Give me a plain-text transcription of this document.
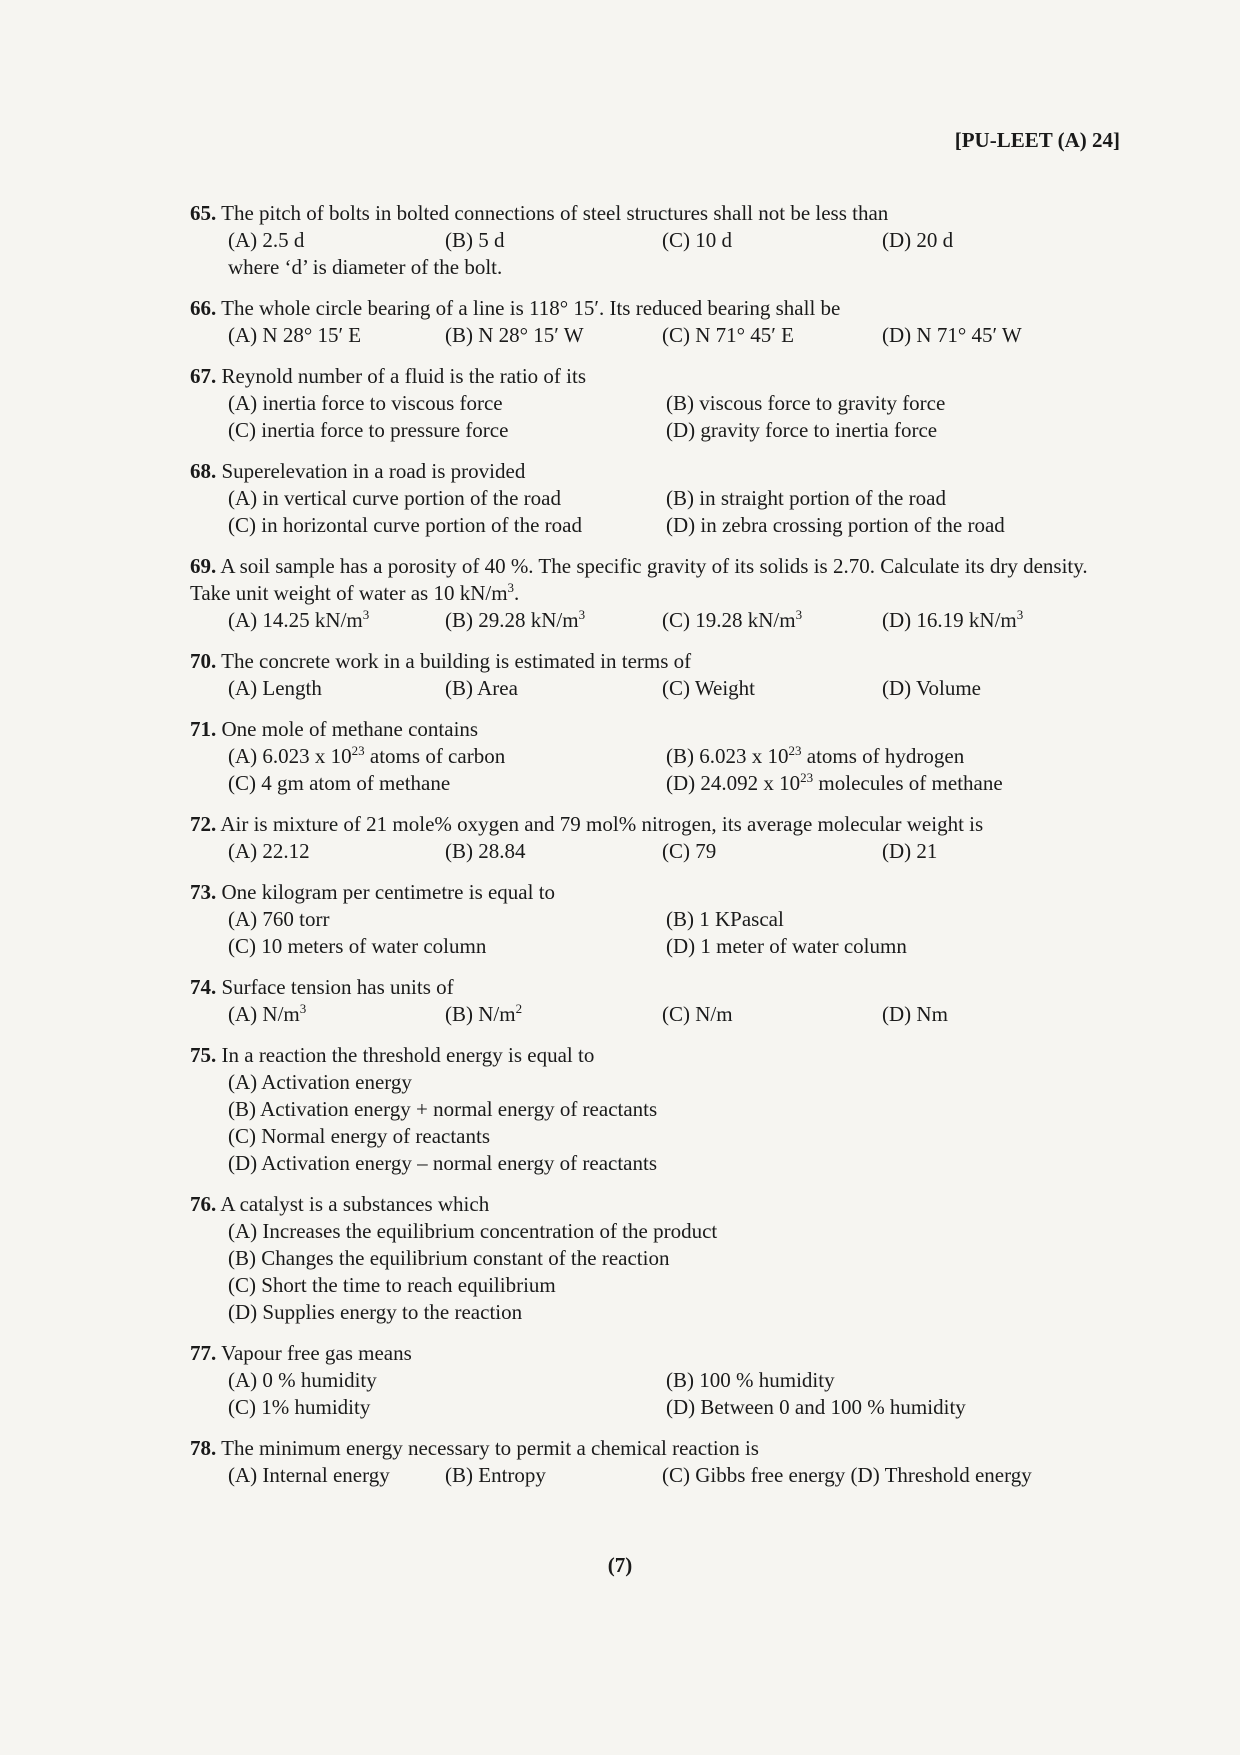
[PU-LEET (A) 24]
65. The pitch of bolts in bolted connections of steel structures shall not be less than
(A) 2.5 d	(B) 5 d	(C) 10 d	(D) 20 d
where ‘d’ is diameter of the bolt.
66. The whole circle bearing of a line is 118° 15′. Its reduced bearing shall be
(A) N 28° 15′ E	(B) N 28° 15′ W	(C) N 71° 45′ E	(D) N 71° 45′ W
67. Reynold number of a fluid is the ratio of its
(A) inertia force to viscous force	(B) viscous force to gravity force
(C) inertia force to pressure force	(D) gravity force to inertia force
68. Superelevation in a road is provided
(A) in vertical curve portion of the road	(B) in straight portion of the road
(C) in horizontal curve portion of the road	(D) in zebra crossing portion of the road
69. A soil sample has a porosity of 40 %. The specific gravity of its solids is 2.70. Calculate its dry density. Take unit weight of water as 10 $kN/m^3$.
(A) 14.25 $kN/m^3$	(B) 29.28 $kN/m^3$	(C) 19.28 $kN/m^3$	(D) 16.19 $kN/m^3$
70. The concrete work in a building is estimated in terms of
(A) Length	(B) Area	(C) Weight	(D) Volume
71. One mole of methane contains
(A) 6.023 x $10^{23}$ atoms of carbon	(B) 6.023 x $10^{23}$ atoms of hydrogen
(C) 4 gm atom of methane	(D) 24.092 x $10^{23}$ molecules of methane
72. Air is mixture of 21 mole% oxygen and 79 mol% nitrogen, its average molecular weight is
(A) 22.12	(B) 28.84	(C) 79	(D) 21
73. One kilogram per centimetre is equal to
(A) 760 torr	(B) 1 KPascal
(C) 10 meters of water column	(D) 1 meter of water column
74. Surface tension has units of
(A) $N/m^3$	(B) $N/m^2$	(C) N/m	(D) Nm
75. In a reaction the threshold energy is equal to
(A) Activation energy
(B) Activation energy + normal energy of reactants
(C) Normal energy of reactants
(D) Activation energy – normal energy of reactants
76. A catalyst is a substances which
(A) Increases the equilibrium concentration of the product
(B) Changes the equilibrium constant of the reaction
(C) Short the time to reach equilibrium
(D) Supplies energy to the reaction
77. Vapour free gas means
(A) 0 % humidity	(B) 100 % humidity
(C) 1% humidity	(D) Between 0 and 100 % humidity
78. The minimum energy necessary to permit a chemical reaction is
(A) Internal energy	(B) Entropy	(C) Gibbs free energy (D) Threshold energy
(7)
